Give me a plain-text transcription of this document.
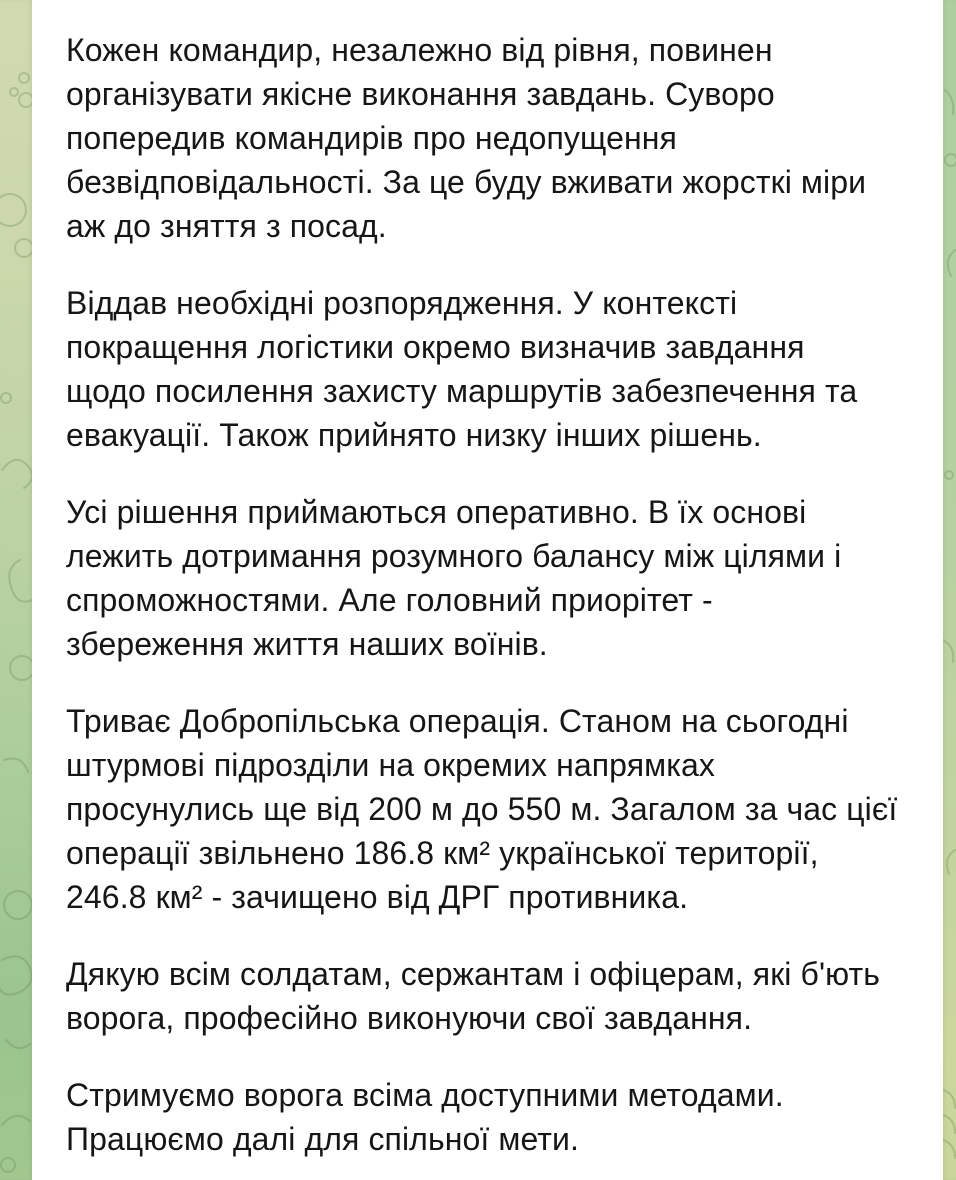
Кожен командир, незалежно від рівня, повинен
організувати якісне виконання завдань. Суворо
попередив командирів про недопущення
безвідповідальності. За це буду вживати жорсткі міри
аж до зняття з посад.

Віддав необхідні розпорядження. У контексті
покращення логістики окремо визначив завдання
щодо посилення захисту маршрутів забезпечення та
евакуації. Також прийнято низку інших рішень.

Усі рішення приймаються оперативно. В їх основі
лежить дотримання розумного балансу між цілями і
спроможностями. Але головний приорітет -
збереження життя наших воїнів.

Триває Добропільська операція. Станом на сьогодні
штурмові підрозділи на окремих напрямках
просунулись ще від 200 м до 550 м. Загалом за час цієї
операції звільнено 186.8 км² української території,
246.8 км² - зачищено від ДРГ противника.

Дякую всім солдатам, сержантам і офіцерам, які б'ють
ворога, професійно виконуючи свої завдання.

Стримуємо ворога всіма доступними методами.
Працюємо далі для спільної мети.
